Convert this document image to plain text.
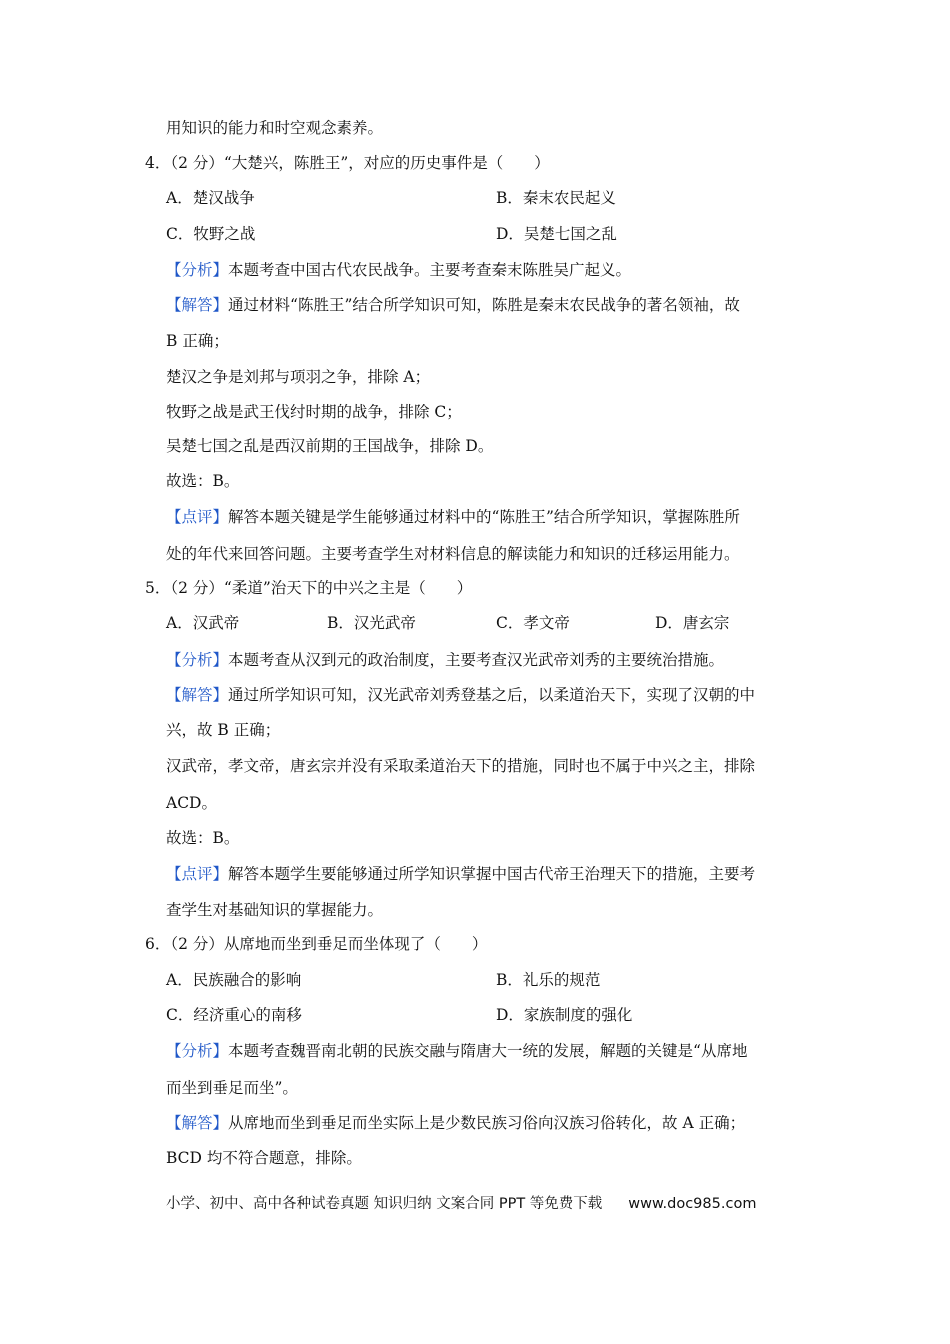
用知识的能力和时空观念素养。
4．（2 分）“大楚兴，陈胜王”，对应的历史事件是（　　）
A．楚汉战争	B．秦末农民起义
C．牧野之战	D．吴楚七国之乱
【分析】本题考查中国古代农民战争。主要考查秦末陈胜吴广起义。
【解答】通过材料“陈胜王”结合所学知识可知，陈胜是秦末农民战争的著名领袖，故
B 正确；
楚汉之争是刘邦与项羽之争，排除 A；
牧野之战是武王伐纣时期的战争，排除 C；
吴楚七国之乱是西汉前期的王国战争，排除 D。
故选：B。
【点评】解答本题关键是学生能够通过材料中的“陈胜王”结合所学知识，掌握陈胜所
处的年代来回答问题。主要考查学生对材料信息的解读能力和知识的迁移运用能力。
5．（2 分）“柔道”治天下的中兴之主是（　　）
A．汉武帝	B．汉光武帝	C．孝文帝	D．唐玄宗
【分析】本题考查从汉到元的政治制度，主要考查汉光武帝刘秀的主要统治措施。
【解答】通过所学知识可知，汉光武帝刘秀登基之后，以柔道治天下，实现了汉朝的中
兴，故 B 正确；
汉武帝，孝文帝，唐玄宗并没有采取柔道治天下的措施，同时也不属于中兴之主，排除
ACD。
故选：B。
【点评】解答本题学生要能够通过所学知识掌握中国古代帝王治理天下的措施，主要考
查学生对基础知识的掌握能力。
6．（2 分）从席地而坐到垂足而坐体现了（　　）
A．民族融合的影响	B．礼乐的规范
C．经济重心的南移	D．家族制度的强化
【分析】本题考查魏晋南北朝的民族交融与隋唐大一统的发展，解题的关键是“从席地
而坐到垂足而坐”。
【解答】从席地而坐到垂足而坐实际上是少数民族习俗向汉族习俗转化，故 A 正确；
BCD 均不符合题意，排除。
小学、初中、高中各种试卷真题 知识归纳 文案合同 PPT 等免费下载 www.doc985.com
